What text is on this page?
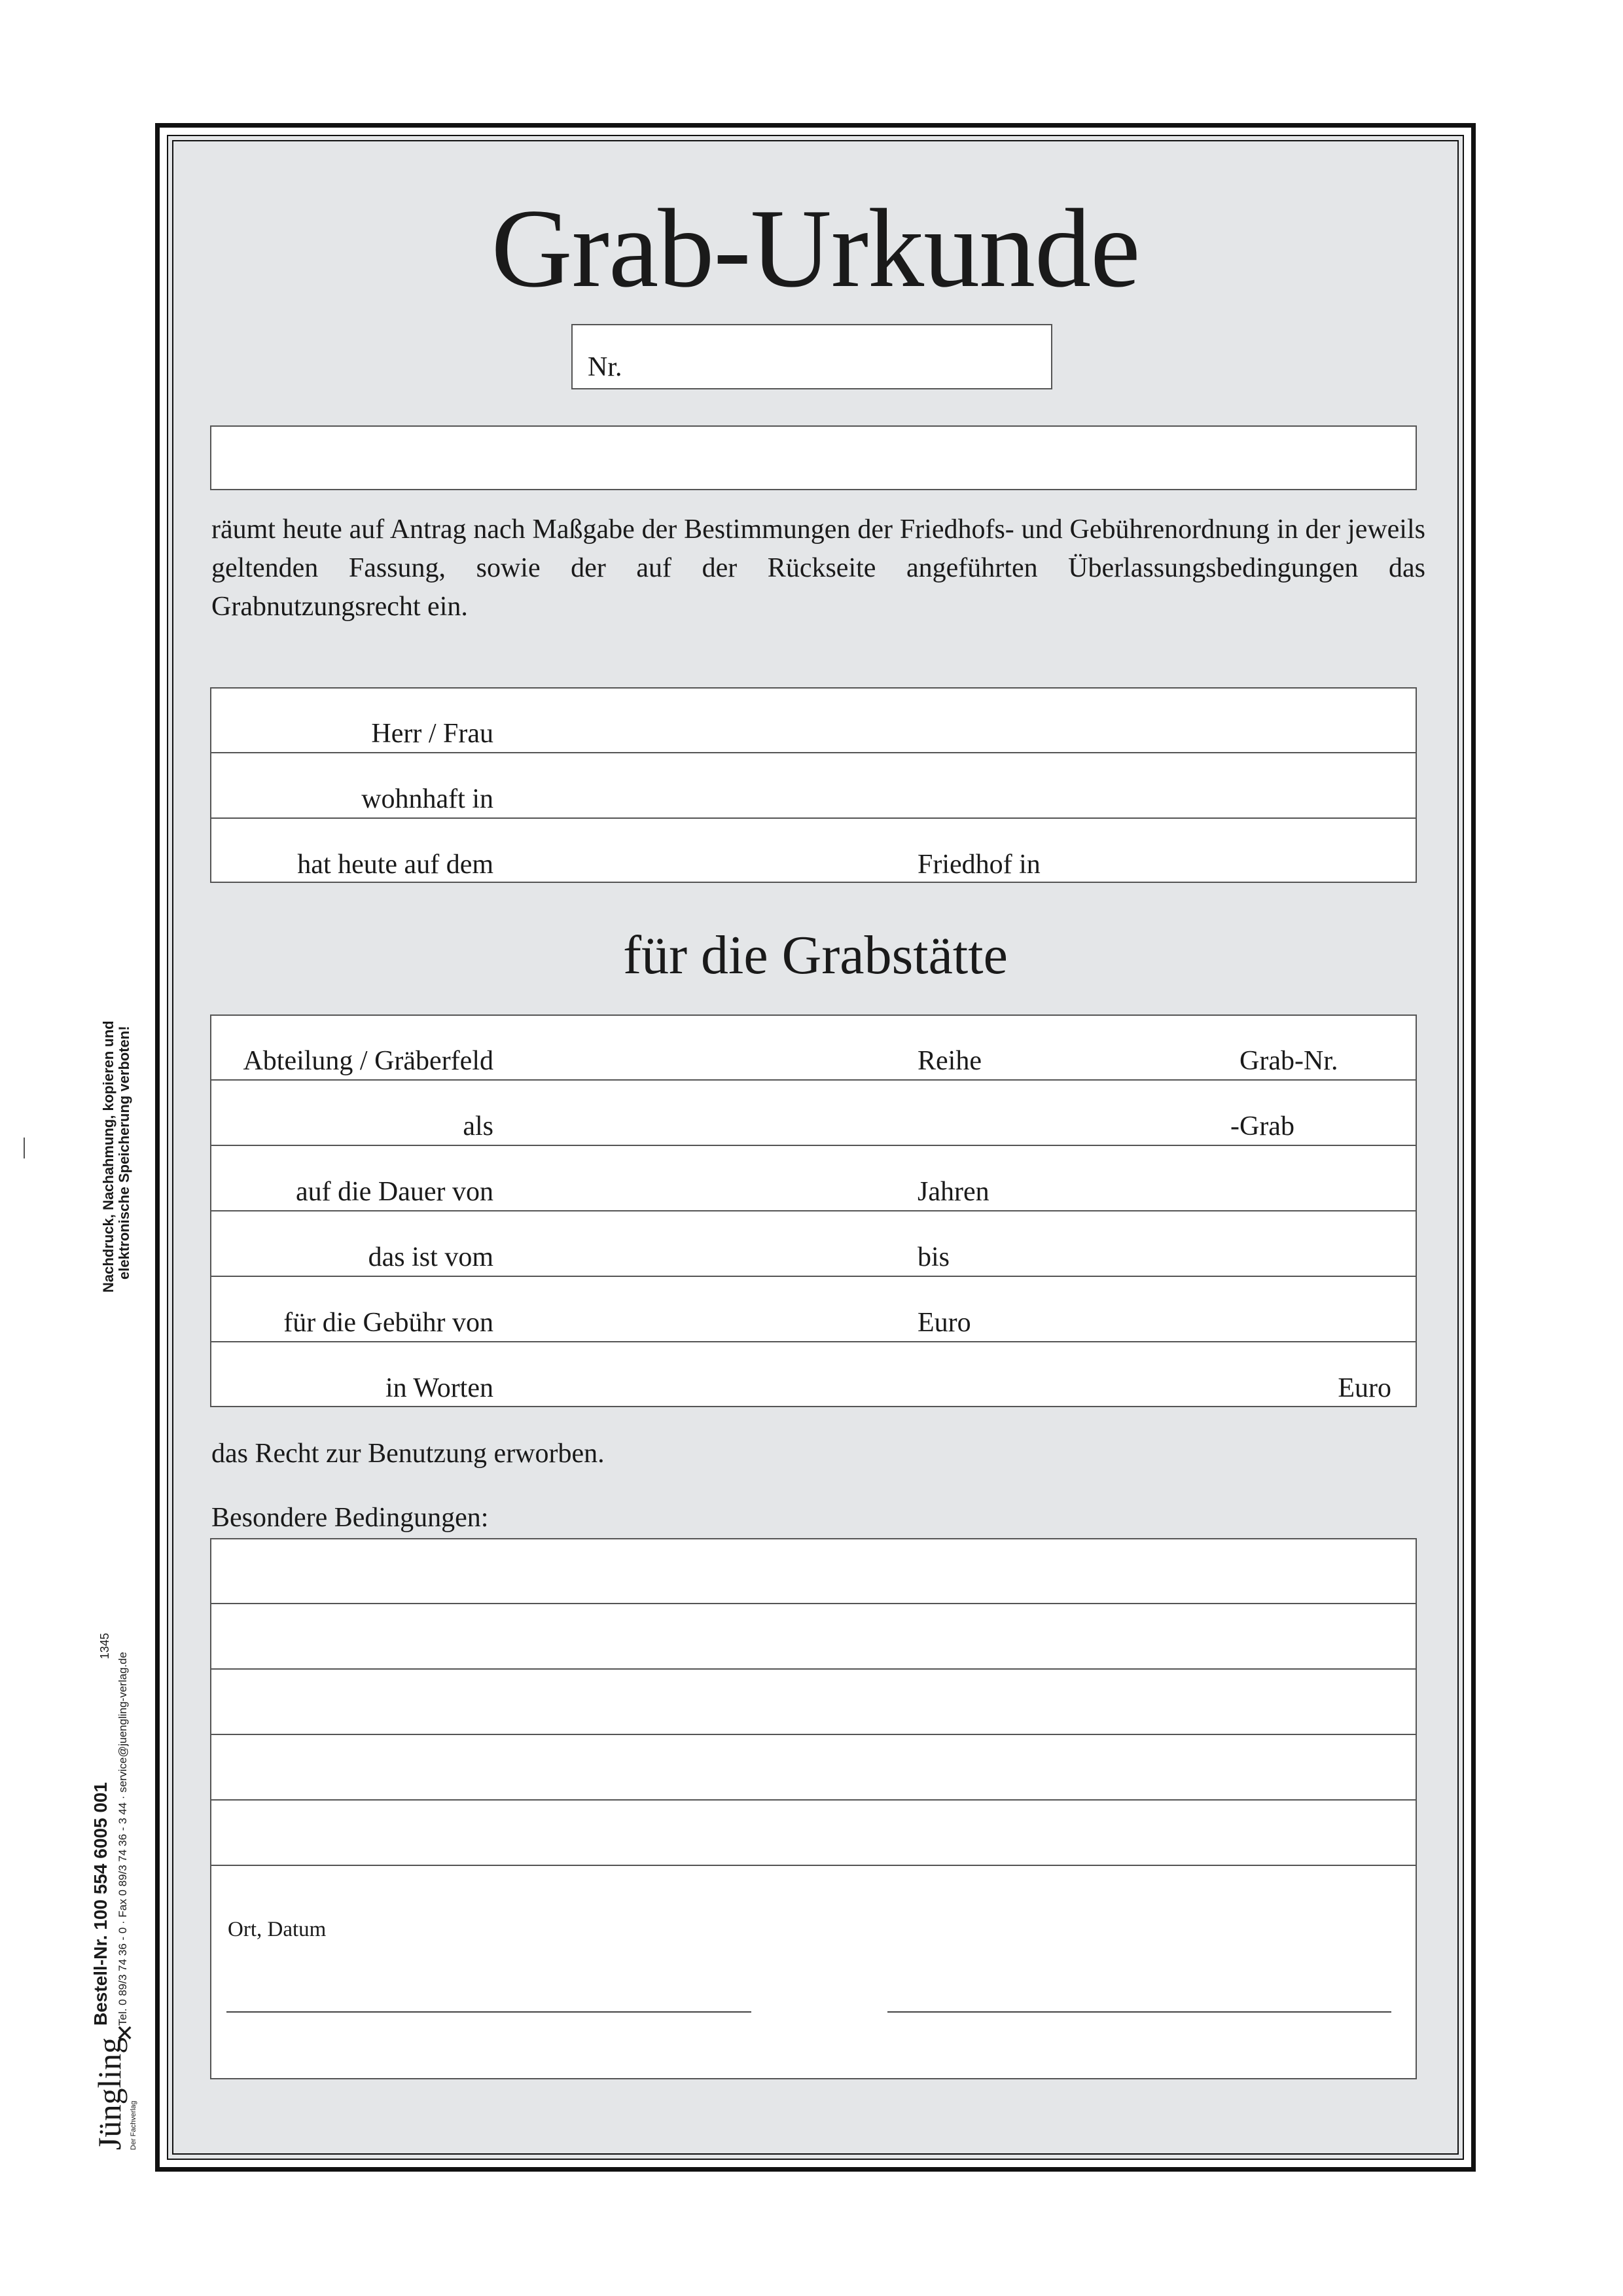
Grab-Urkunde
Nr.
räumt heute auf Antrag nach Maßgabe der Bestimmungen der Friedhofs- und Gebührenordnung in der jeweils geltenden Fassung, sowie der auf der Rückseite angeführten Überlassungsbedingungen das Grabnutzungsrecht ein.
Herr / Frau
wohnhaft in
hat heute auf dem	Friedhof in
für die Grabstätte
Abteilung / Gräberfeld	Reihe	Grab-Nr.
als	-Grab
auf die Dauer von	Jahren
das ist vom	bis
für die Gebühr von	Euro
in Worten	Euro
das Recht zur Benutzung erworben.
Besondere Bedingungen:
Ort, Datum
Nachdruck, Nachahmung, kopieren und elektronische Speicherung verboten!
Jüngling
✕
Der Fachverlag
Bestell-Nr. 100 554 6005 001 Tel. 0 89/3 74 36 - 0 · Fax 0 89/3 74 36 - 3 44 · service@juengling-verlag.de
1345
